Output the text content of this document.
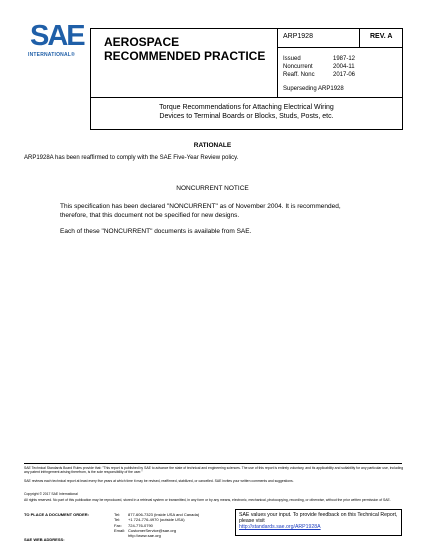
SAE
INTERNATIONAL®
AEROSPACE
RECOMMENDED PRACTICE
ARP1928	REV. A
Issued	1987-12
Noncurrent	2004-11
Reaff. Nonc	2017-06
Superseding ARP1928
Torque Recommendations for Attaching Electrical Wiring
Devices to Terminal Boards or Blocks, Studs, Posts, etc.
RATIONALE
ARP1928A has been reaffirmed to comply with the SAE Five-Year Review policy.
NONCURRENT NOTICE
This specification has been declared "NONCURRENT" as of November 2004. It is recommended, therefore, that this document not be specified for new designs.
Each of these "NONCURRENT" documents is available from SAE.
SAE Technical Standards Board Rules provide that: "This report is published by SAE to advance the state of technical and engineering sciences. The use of this report is entirely voluntary, and its applicability and suitability for any particular use, including any patent infringement arising therefrom, is the sole responsibility of the user."
SAE reviews each technical report at least every five years at which time it may be revised, reaffirmed, stabilized, or cancelled. SAE invites your written comments and suggestions.
Copyright © 2017 SAE International
All rights reserved. No part of this publication may be reproduced, stored in a retrieval system or transmitted, in any form or by any means, electronic, mechanical, photocopying, recording, or otherwise, without the prior written permission of SAE.
TO PLACE A DOCUMENT ORDER:	Tel:	877-606-7323 (inside USA and Canada)
Tel:	+1 724-776-4970 (outside USA)
Fax:	724-776-0790
Email: CustomerService@sae.org
http://www.sae.org
SAE WEB ADDRESS:
SAE values your input. To provide feedback on this Technical Report, please visit
http://standards.sae.org/ARP1928A
